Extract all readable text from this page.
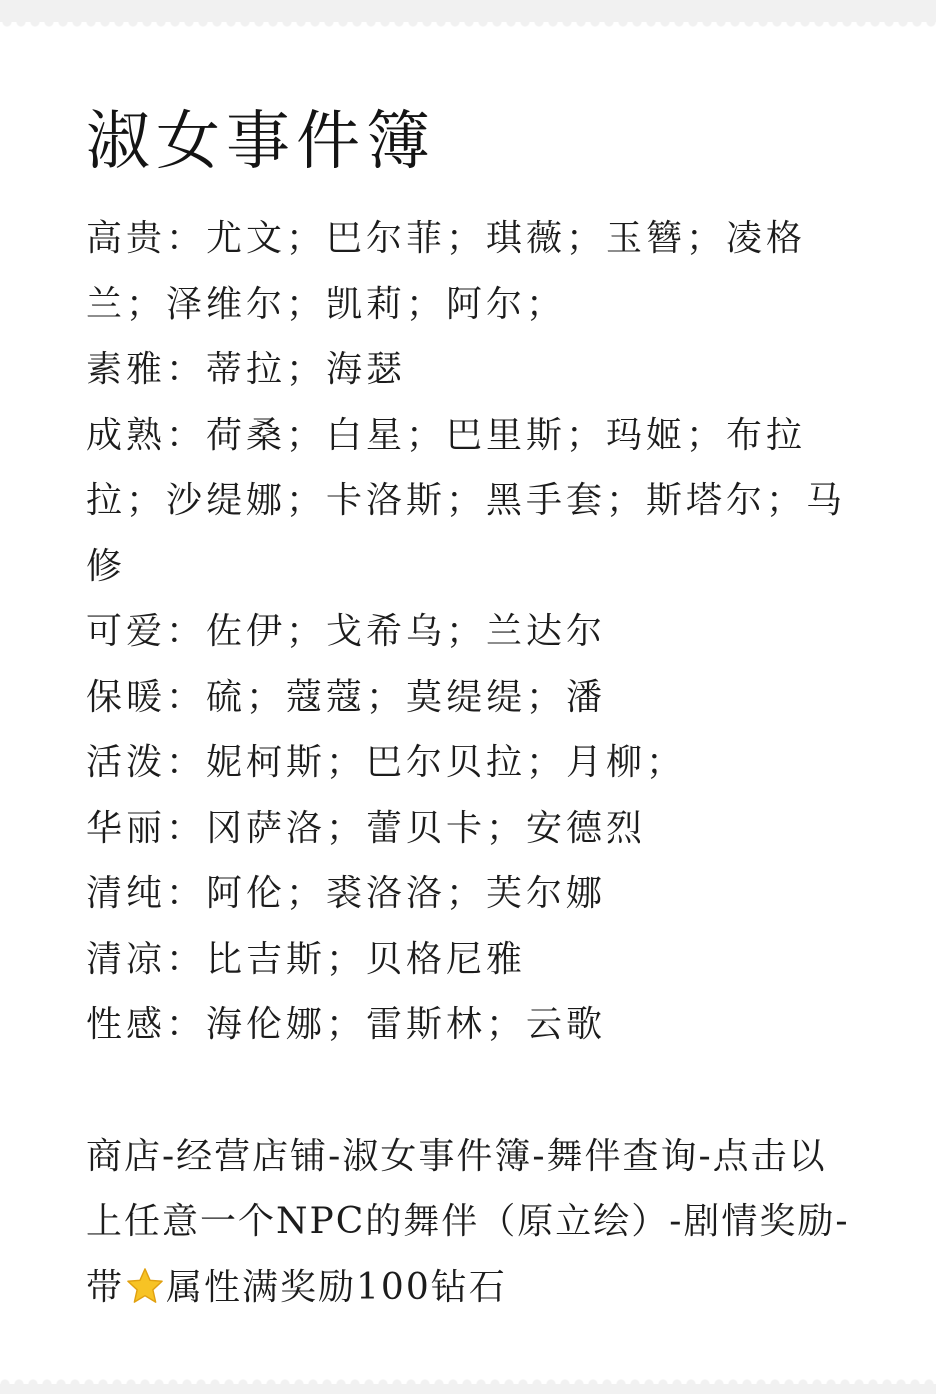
淑女事件簿
高贵：尤文；巴尔菲；琪薇；玉簪；凌格兰；泽维尔；凯莉；阿尔；
素雅：蒂拉；海瑟
成熟：荷桑；白星；巴里斯；玛姬；布拉拉；沙缇娜；卡洛斯；黑手套；斯塔尔；马修
可爱：佐伊；戈希乌；兰达尔
保暖：硫；蔻蔻；莫缇缇；潘
活泼：妮柯斯；巴尔贝拉；月柳；
华丽：冈萨洛；蕾贝卡；安德烈
清纯：阿伦；裘洛洛；芙尔娜
清凉：比吉斯；贝格尼雅
性感：海伦娜；雷斯林；云歌
商店-经营店铺-淑女事件簿-舞伴查询-点击以上任意一个NPC的舞伴（原立绘）-剧情奖励-带 属性满奖励100钻石
